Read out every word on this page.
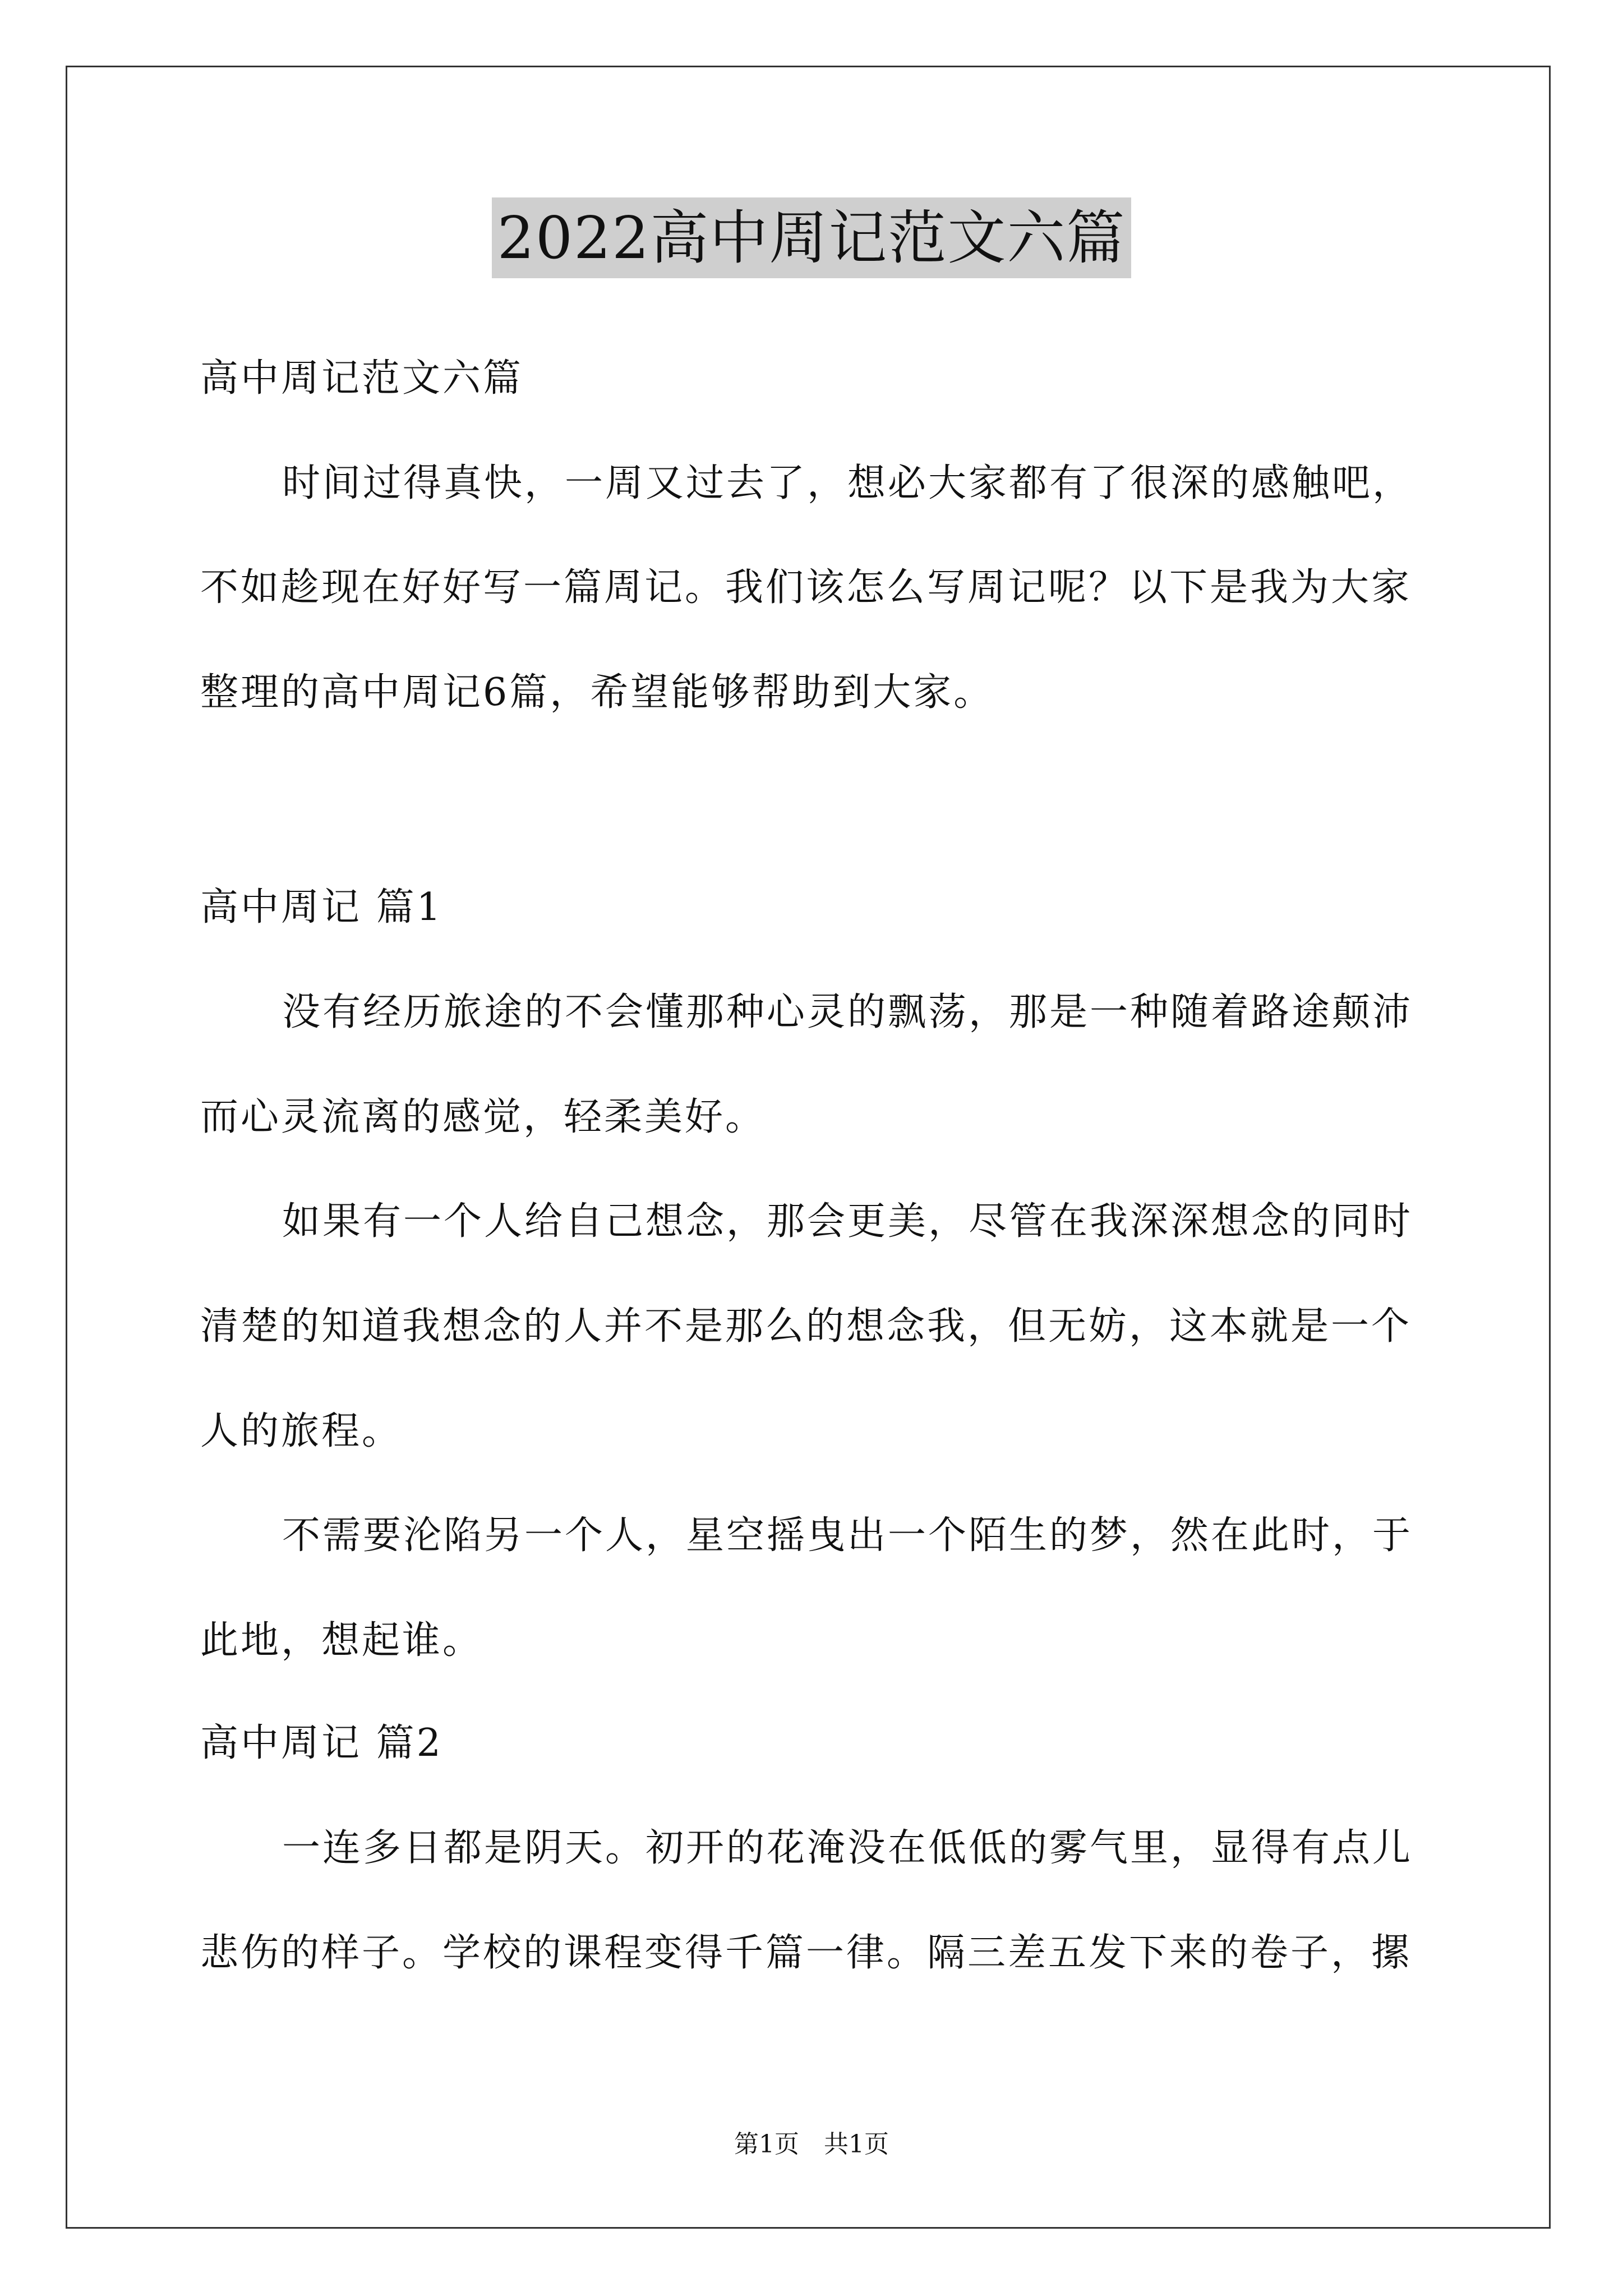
2022高中周记范文六篇
高中周记范文六篇
时间过得真快，一周又过去了，想必大家都有了很深的感触吧，
不如趁现在好好写一篇周记。我们该怎么写周记呢？以下是我为大家
整理的高中周记6篇，希望能够帮助到大家。
高中周记 篇1
没有经历旅途的不会懂那种心灵的飘荡，那是一种随着路途颠沛
而心灵流离的感觉，轻柔美好。
如果有一个人给自己想念，那会更美，尽管在我深深想念的同时
清楚的知道我想念的人并不是那么的想念我，但无妨，这本就是一个
人的旅程。
不需要沦陷另一个人，星空摇曳出一个陌生的梦，然在此时，于
此地，想起谁。
高中周记 篇2
一连多日都是阴天。初开的花淹没在低低的雾气里，显得有点儿
悲伤的样子。学校的课程变得千篇一律。隔三差五发下来的卷子，摞
第1页　共1页
